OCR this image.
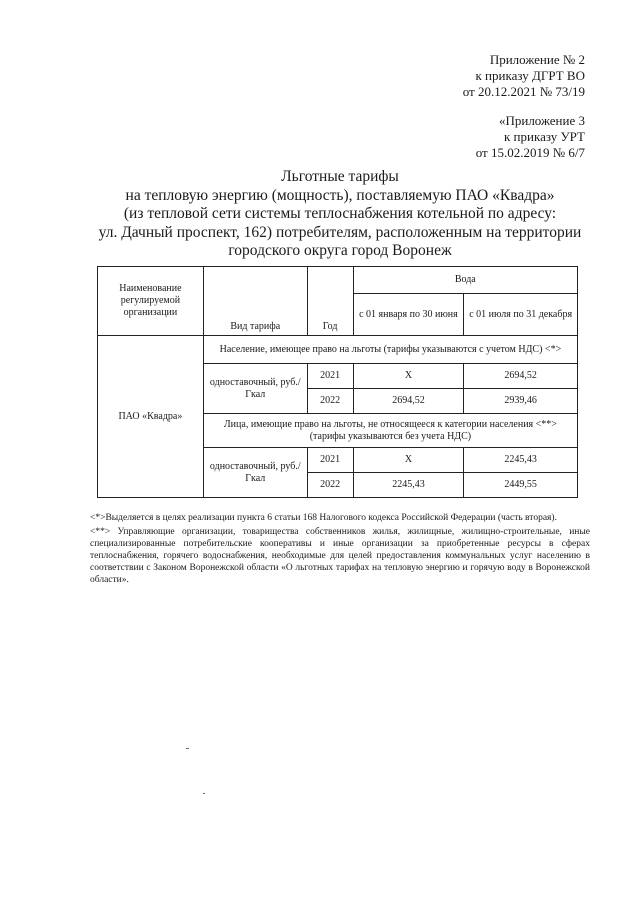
Приложение № 2
к приказу ДГРТ ВО
от 20.12.2021 № 73/19
«Приложение 3
к приказу УРТ
от 15.02.2019 № 6/7
Льготные тарифы
на тепловую энергию (мощность), поставляемую ПАО «Квадра»
(из тепловой сети системы теплоснабжения котельной по адресу:
ул. Дачный проспект, 162) потребителям, расположенным на территории
городского округа город Воронеж
Наименование регулируемой организации	Вид тарифа	Год	Вода	
			с 01 января по 30 июня	с 01 июля по 31 декабря
ПАО «Квадра»	Население, имеющее право на льготы (тарифы указываются с учетом НДС) <*>			
	одноставочный, руб./Гкал	2021	Х	2694,52
		2022	2694,52	2939,46
	Лица, имеющие право на льготы, не относящееся к категории населения <**> (тарифы указываются без учета НДС)			
	одноставочный, руб./Гкал	2021	Х	2245,43
		2022	2245,43	2449,55

<*>Выделяется в целях реализации пункта 6 статьи 168 Налогового кодекса Российской Федерации (часть вторая).

<**> Управляющие организации, товарищества собственников жилья, жилищные, жилищно-строительные, иные специализированные потребительские кооперативы и иные организации за приобретенные ресурсы в сферах теплоснабжения, горячего водоснабжения, необходимые для целей предоставления коммунальных услуг населению в соответствии с Законом Воронежской области «О льготных тарифах на тепловую энергию и горячую воду в Воронежской области».
